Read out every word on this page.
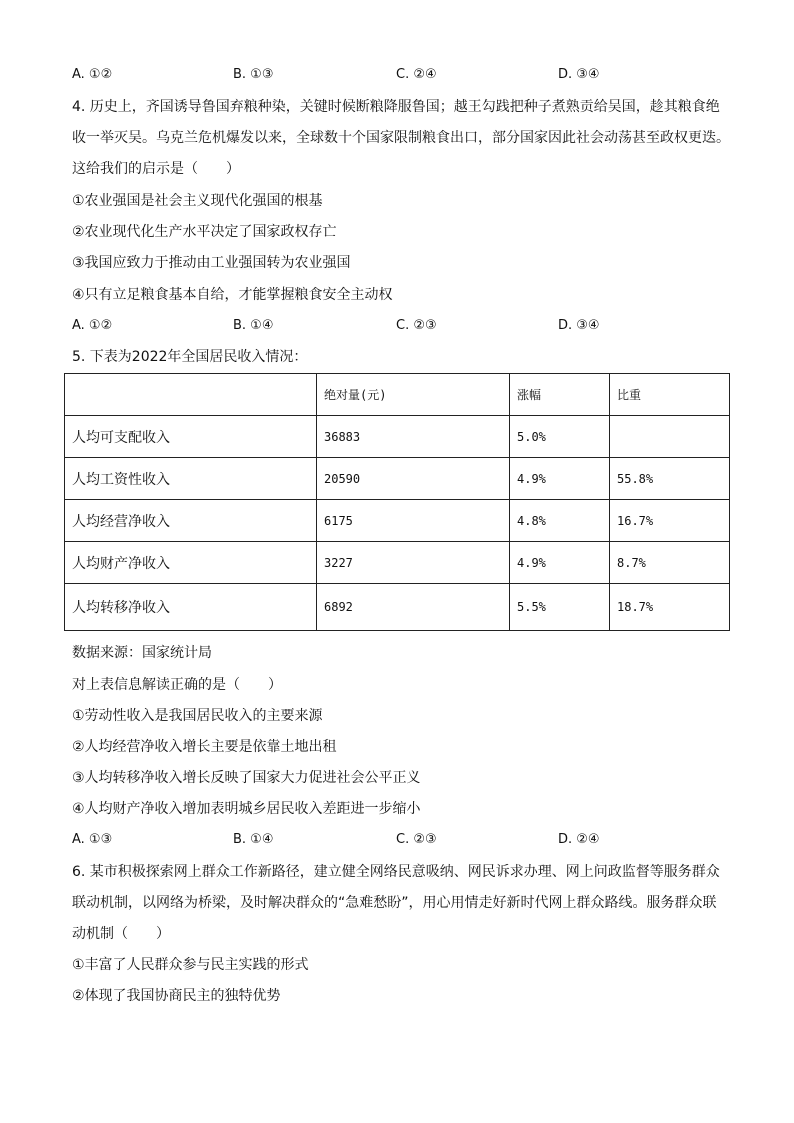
A. ①②	B. ①③	C. ②④	D. ③④
4. 历史上，齐国诱导鲁国弃粮种染，关键时候断粮降服鲁国；越王勾践把种子煮熟贡给吴国，趁其粮食绝
收一举灭吴。乌克兰危机爆发以来，全球数十个国家限制粮食出口，部分国家因此社会动荡甚至政权更迭。
这给我们的启示是（　　）
①农业强国是社会主义现代化强国的根基
②农业现代化生产水平决定了国家政权存亡
③我国应致力于推动由工业强国转为农业强国
④只有立足粮食基本自给，才能掌握粮食安全主动权
A. ①②	B. ①④	C. ②③	D. ③④
5. 下表为2022年全国居民收入情况：
	绝对量(元)	涨幅	比重
人均可支配收入	36883	5.0%	
人均工资性收入	20590	4.9%	55.8%
人均经营净收入	6175	4.8%	16.7%
人均财产净收入	3227	4.9%	8.7%
人均转移净收入	6892	5.5%	18.7%
数据来源：国家统计局
对上表信息解读正确的是（　　）
①劳动性收入是我国居民收入的主要来源
②人均经营净收入增长主要是依靠土地出租
③人均转移净收入增长反映了国家大力促进社会公平正义
④人均财产净收入增加表明城乡居民收入差距进一步缩小
A. ①③	B. ①④	C. ②③	D. ②④
6. 某市积极探索网上群众工作新路径，建立健全网络民意吸纳、网民诉求办理、网上问政监督等服务群众
联动机制，以网络为桥梁，及时解决群众的“急难愁盼”，用心用情走好新时代网上群众路线。服务群众联
动机制（　　）
①丰富了人民群众参与民主实践的形式
②体现了我国协商民主的独特优势
